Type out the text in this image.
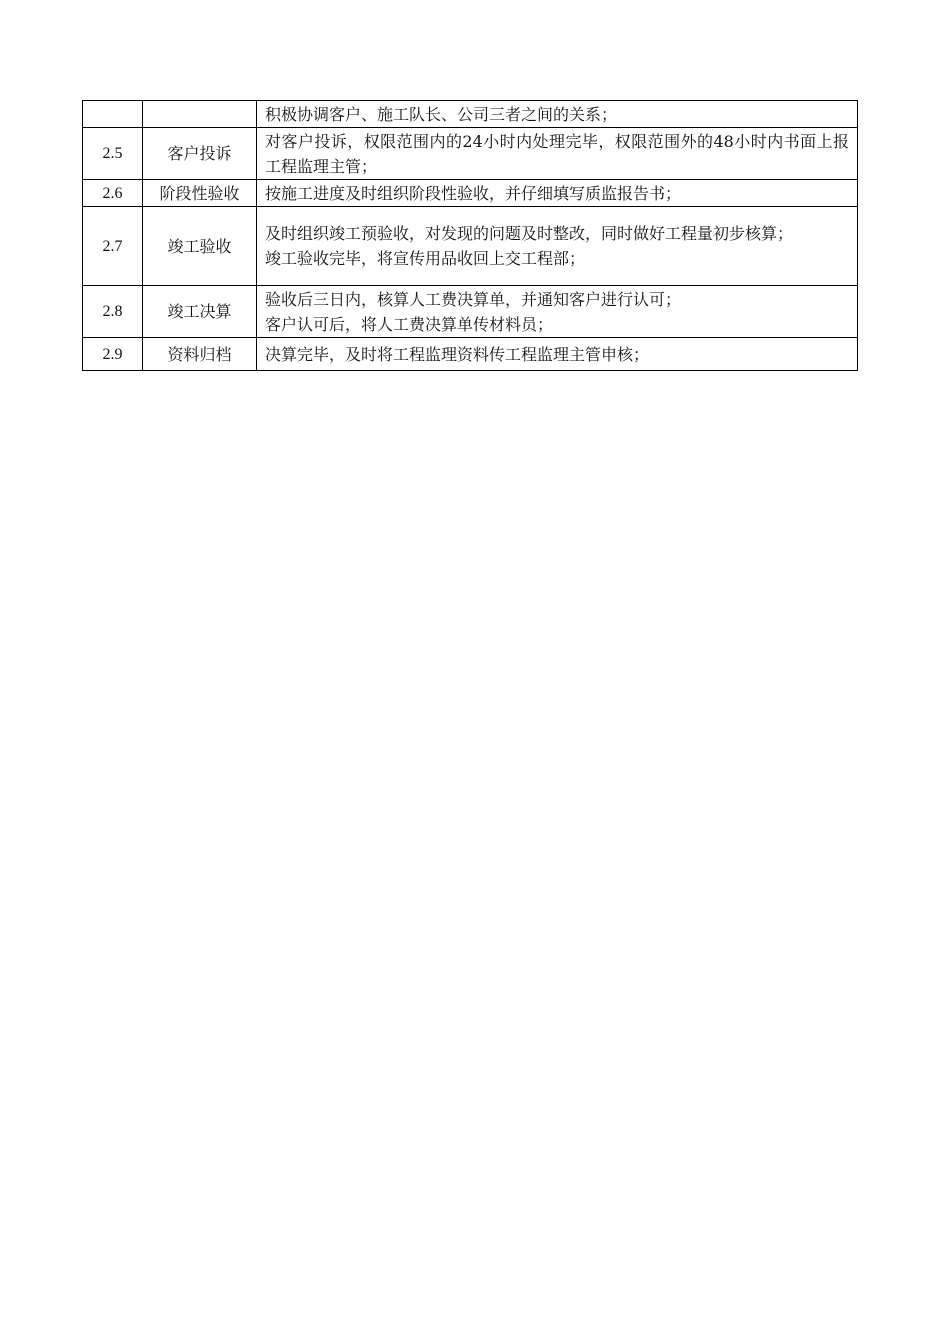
		积极协调客户、施工队长、公司三者之间的关系；

2.5	客户投诉	对客户投诉，权限范围内的24小时内处理完毕，权限范围外的48小时内书面上报工程监理主管；

2.6	阶段性验收	按施工进度及时组织阶段性验收，并仔细填写质监报告书；

2.7	竣工验收	及时组织竣工预验收，对发现的问题及时整改，同时做好工程量初步核算；

竣工验收完毕，将宣传用品收回上交工程部；

2.8	竣工决算	验收后三日内，核算人工费决算单，并通知客户进行认可；

客户认可后，将人工费决算单传材料员；

2.9	资料归档	决算完毕，及时将工程监理资料传工程监理主管申核；
